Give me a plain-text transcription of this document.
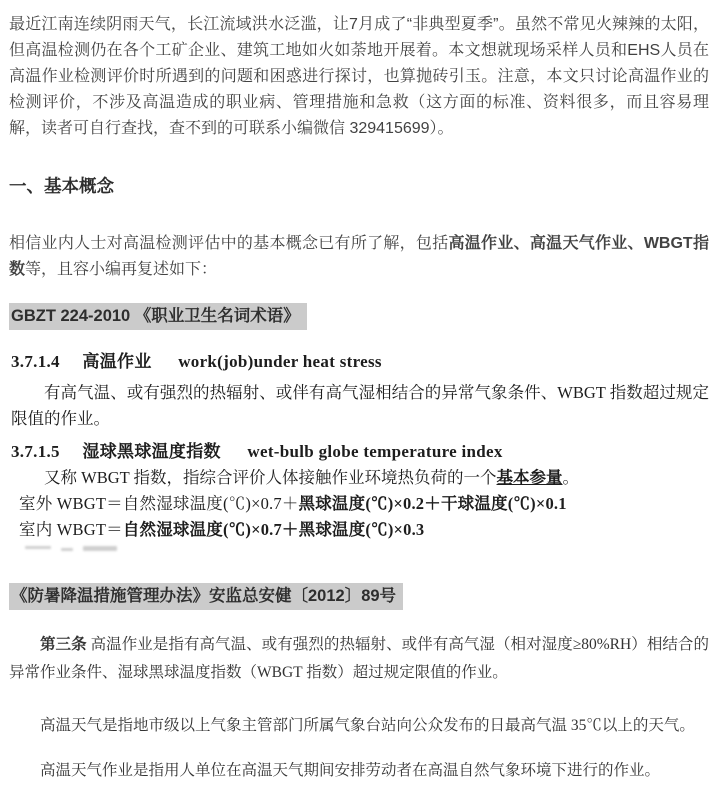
最近江南连续阴雨天气，长江流域洪水泛滥，让7月成了“非典型夏季”。虽然不常见火辣辣的太阳，但高温检测仍在各个工矿企业、建筑工地如火如荼地开展着。本文想就现场采样人员和EHS人员在高温作业检测评价时所遇到的问题和困惑进行探讨，也算抛砖引玉。注意，本文只讨论高温作业的检测评价，不涉及高温造成的职业病、管理措施和急救（这方面的标准、资料很多，而且容易理解，读者可自行查找，查不到的可联系小编微信 329415699）。

一、基本概念

相信业内人士对高温检测评估中的基本概念已有所了解，包括高温作业、高温天气作业、WBGT指数等，且容小编再复述如下：

GBZT 224-2010 《职业卫生名词术语》
3.7.1.4 高温作业 work(job)under heat stress

有高气温、或有强烈的热辐射、或伴有高气湿相结合的异常气象条件、WBGT 指数超过规定限值的作业。

3.7.1.5 湿球黑球温度指数 wet-bulb globe temperature index

又称 WBGT 指数，指综合评价人体接触作业环境热负荷的一个基本参量。

室外 WBGT＝自然湿球温度(℃)×0.7＋黑球温度(℃)×0.2＋干球温度(℃)×0.1

室内 WBGT＝自然湿球温度(℃)×0.7＋黑球温度(℃)×0.3

《防暑降温措施管理办法》安监总安健〔2012〕89号

第三条 高温作业是指有高气温、或有强烈的热辐射、或伴有高气湿（相对湿度≥80%RH）相结合的异常作业条件、湿球黑球温度指数（WBGT 指数）超过规定限值的作业。

高温天气是指地市级以上气象主管部门所属气象台站向公众发布的日最高气温 35℃以上的天气。

高温天气作业是指用人单位在高温天气期间安排劳动者在高温自然气象环境下进行的作业。
